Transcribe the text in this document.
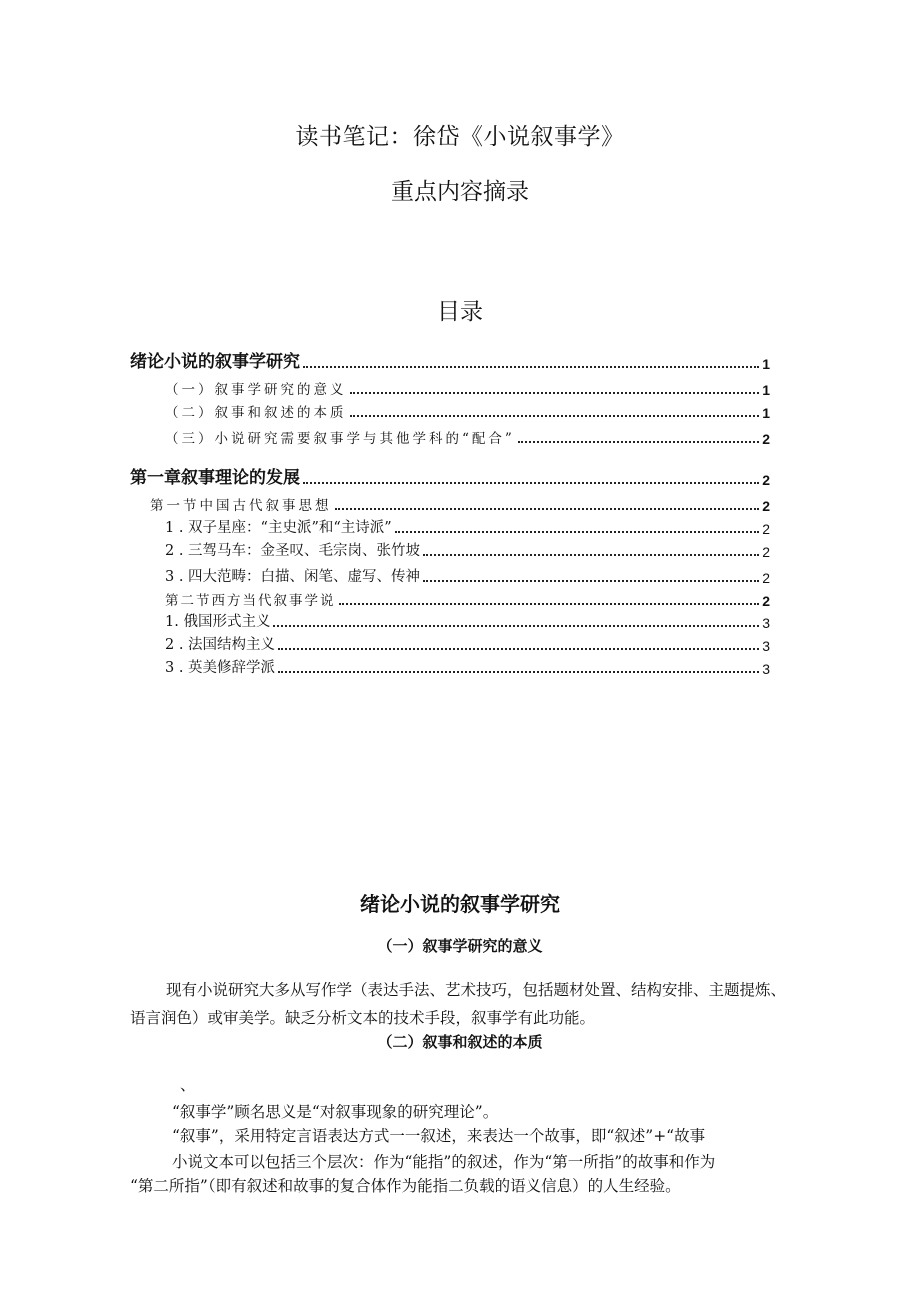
读书笔记：徐岱《小说叙事学》
重点内容摘录
目录
绪论小说的叙事学研究	1
（一）叙事学研究的意义	1
（二）叙事和叙述的本质	1
（三）小说研究需要叙事学与其他学科的“配合”	2
第一章叙事理论的发展	2
第一节中国古代叙事思想	2
1 . 双子星座：“主史派”和“主诗派”	2
2 . 三驾马车：金圣叹、毛宗岗、张竹坡	2
3 . 四大范畴：白描、闲笔、虚写、传神	2
第二节西方当代叙事学说	2
1. 俄国形式主义	3
2 . 法国结构主义	3
3 . 英美修辞学派	3
绪论小说的叙事学研究
（一）叙事学研究的意义
现有小说研究大多从写作学（表达手法、艺术技巧，包括题材处置、结构安排、主题提炼、语言润色）或审美学。缺乏分析文本的技术手段，叙事学有此功能。
（二）叙事和叙述的本质
、
“叙事学”顾名思义是“对叙事现象的研究理论”。
“叙事”，采用特定言语表达方式一一叙述，来表达一个故事，即“叙述”+“故事
小说文本可以包括三个层次：作为“能指”的叙述，作为“第一所指”的故事和作为
“第二所指”（即有叙述和故事的复合体作为能指二负载的语义信息）的人生经验。
